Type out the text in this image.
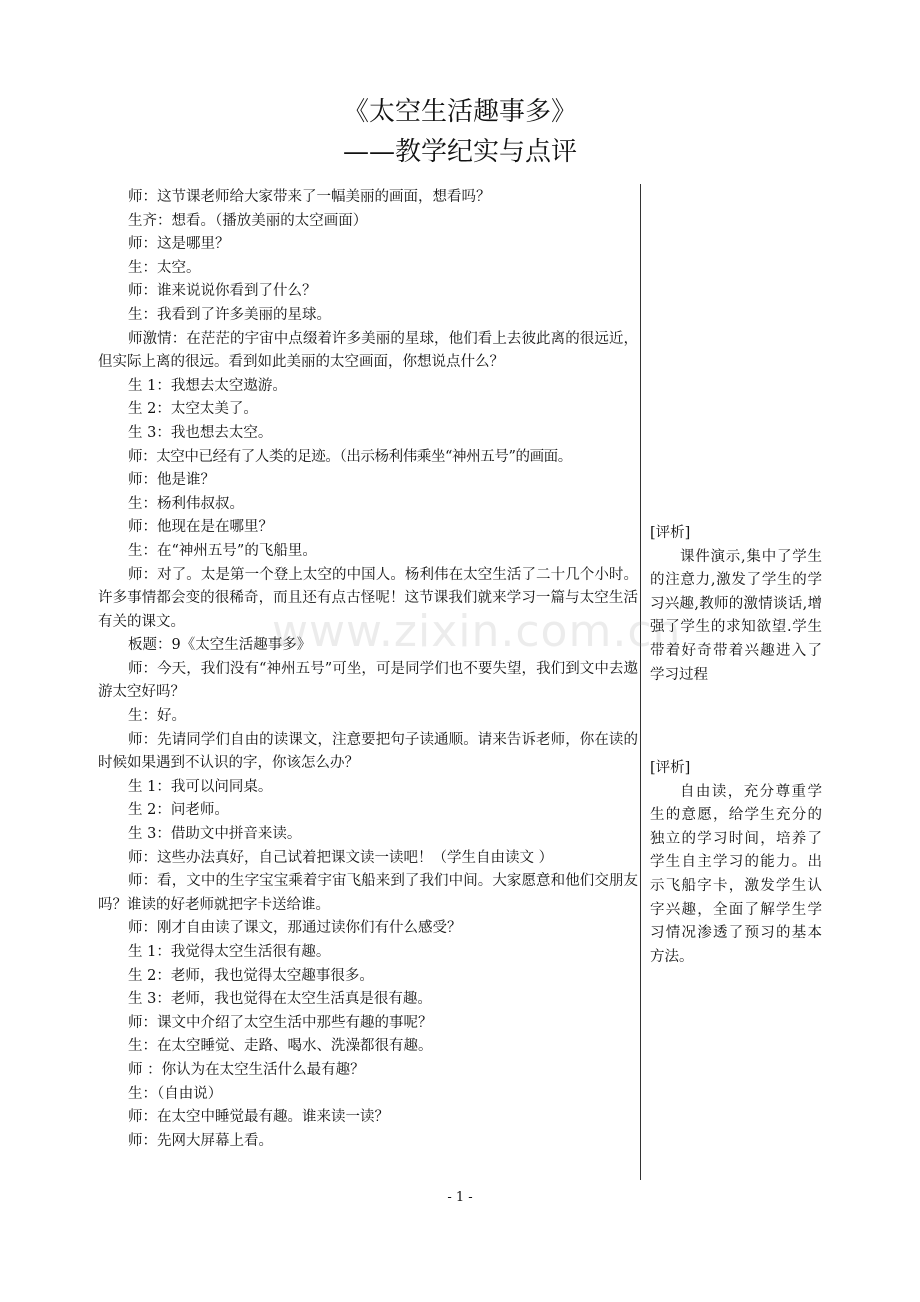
《太空生活趣事多》
——教学纪实与点评

师：这节课老师给大家带来了一幅美丽的画面，想看吗？

生齐：想看。（播放美丽的太空画面）

师：这是哪里？

生：太空。

师：谁来说说你看到了什么？

生：我看到了许多美丽的星球。

师激情：在茫茫的宇宙中点缀着许多美丽的星球，他们看上去彼此离的很远近，但实际上离的很远。看到如此美丽的太空画面，你想说点什么？

生 1：我想去太空遨游。

生 2：太空太美了。

生 3：我也想去太空。

师：太空中已经有了人类的足迹。（出示杨利伟乘坐“神州五号”的画面。

师：他是谁？

生：杨利伟叔叔。

师：他现在是在哪里？

生：在“神州五号”的飞船里。

师：对了。太是第一个登上太空的中国人。杨利伟在太空生活了二十几个小时。许多事情都会变的很稀奇，而且还有点古怪呢！这节课我们就来学习一篇与太空生活有关的课文。

板题：9《太空生活趣事多》

师：今天，我们没有“神州五号”可坐，可是同学们也不要失望，我们到文中去遨游太空好吗？

生：好。

师：先请同学们自由的读课文，注意要把句子读通顺。请来告诉老师，你在读的时候如果遇到不认识的字，你该怎么办？

生 1：我可以问同桌。

生 2：问老师。

生 3：借助文中拼音来读。

师：这些办法真好，自己试着把课文读一读吧！（学生自由读文 ）

师：看，文中的生字宝宝乘着宇宙飞船来到了我们中间。大家愿意和他们交朋友吗？谁读的好老师就把字卡送给谁。

师：刚才自由读了课文，那通过读你们有什么感受？

生 1：我觉得太空生活很有趣。

生 2：老师，我也觉得太空趣事很多。

生 3：老师，我也觉得在太空生活真是很有趣。

师：课文中介绍了太空生活中那些有趣的事呢？

生：在太空睡觉、走路、喝水、洗澡都很有趣。

师 ：你认为在太空生活什么最有趣？

生：（自由说）

师：在太空中睡觉最有趣。谁来读一读？

师：先网大屏幕上看。

[评析]

课件演示,集中了学生的注意力,激发了学生的学习兴趣,教师的激情谈话,增强了学生的求知欲望.学生带着好奇带着兴趣进入了学习过程

[评析]

自由读，充分尊重学生的意愿，给学生充分的独立的学习时间，培养了学生自主学习的能力。出示飞船字卡，激发学生认字兴趣，全面了解学生学习情况渗透了预习的基本方法。

www.zixin.com.cn
- 1 -
